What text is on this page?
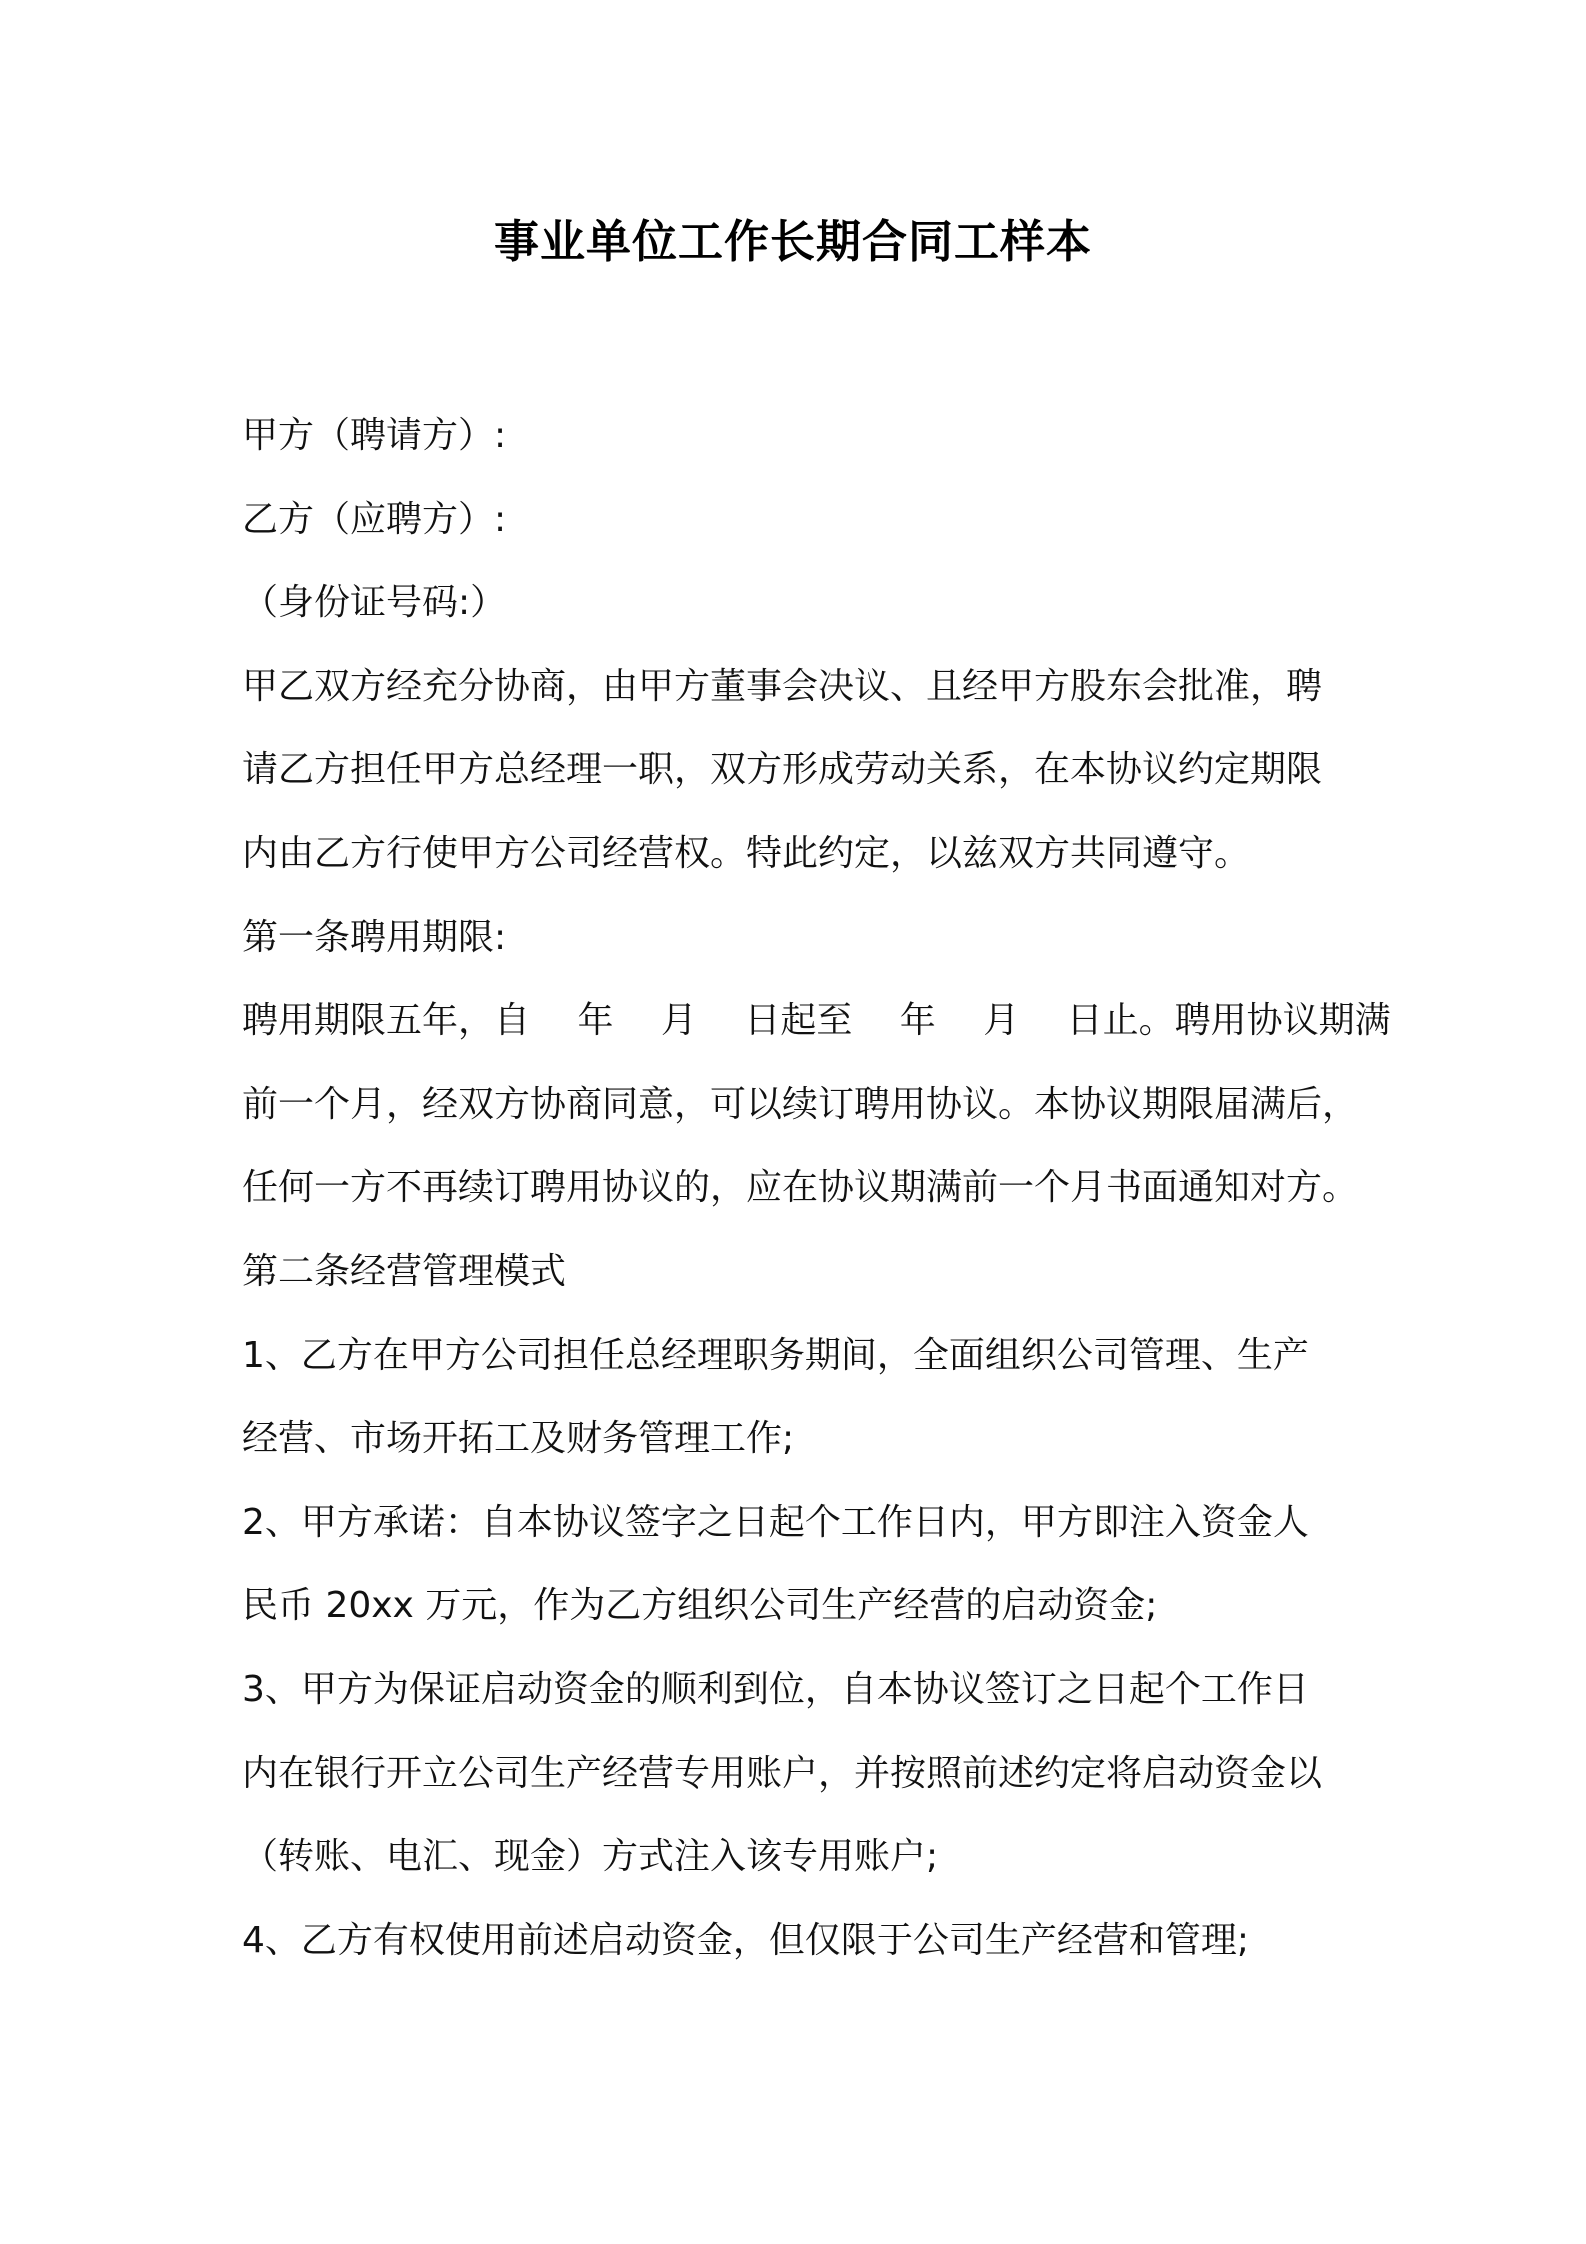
事业单位工作长期合同工样本
甲方（聘请方）:
乙方（应聘方）:
（身份证号码:）
甲乙双方经充分协商，由甲方董事会决议、且经甲方股东会批准，聘
请乙方担任甲方总经理一职，双方形成劳动关系，在本协议约定期限
内由乙方行使甲方公司经营权。特此约定，以兹双方共同遵守。
第一条聘用期限:
聘用期限五年，自　 年　 月　 日起至　 年　 月　 日止。聘用协议期满
前一个月，经双方协商同意，可以续订聘用协议。本协议期限届满后，
任何一方不再续订聘用协议的，应在协议期满前一个月书面通知对方。
第二条经营管理模式
1、乙方在甲方公司担任总经理职务期间，全面组织公司管理、生产
经营、市场开拓工及财务管理工作;
2、甲方承诺：自本协议签字之日起个工作日内，甲方即注入资金人
民币 20xx 万元，作为乙方组织公司生产经营的启动资金;
3、甲方为保证启动资金的顺利到位，自本协议签订之日起个工作日
内在银行开立公司生产经营专用账户，并按照前述约定将启动资金以
（转账、电汇、现金）方式注入该专用账户;
4、乙方有权使用前述启动资金，但仅限于公司生产经营和管理;
